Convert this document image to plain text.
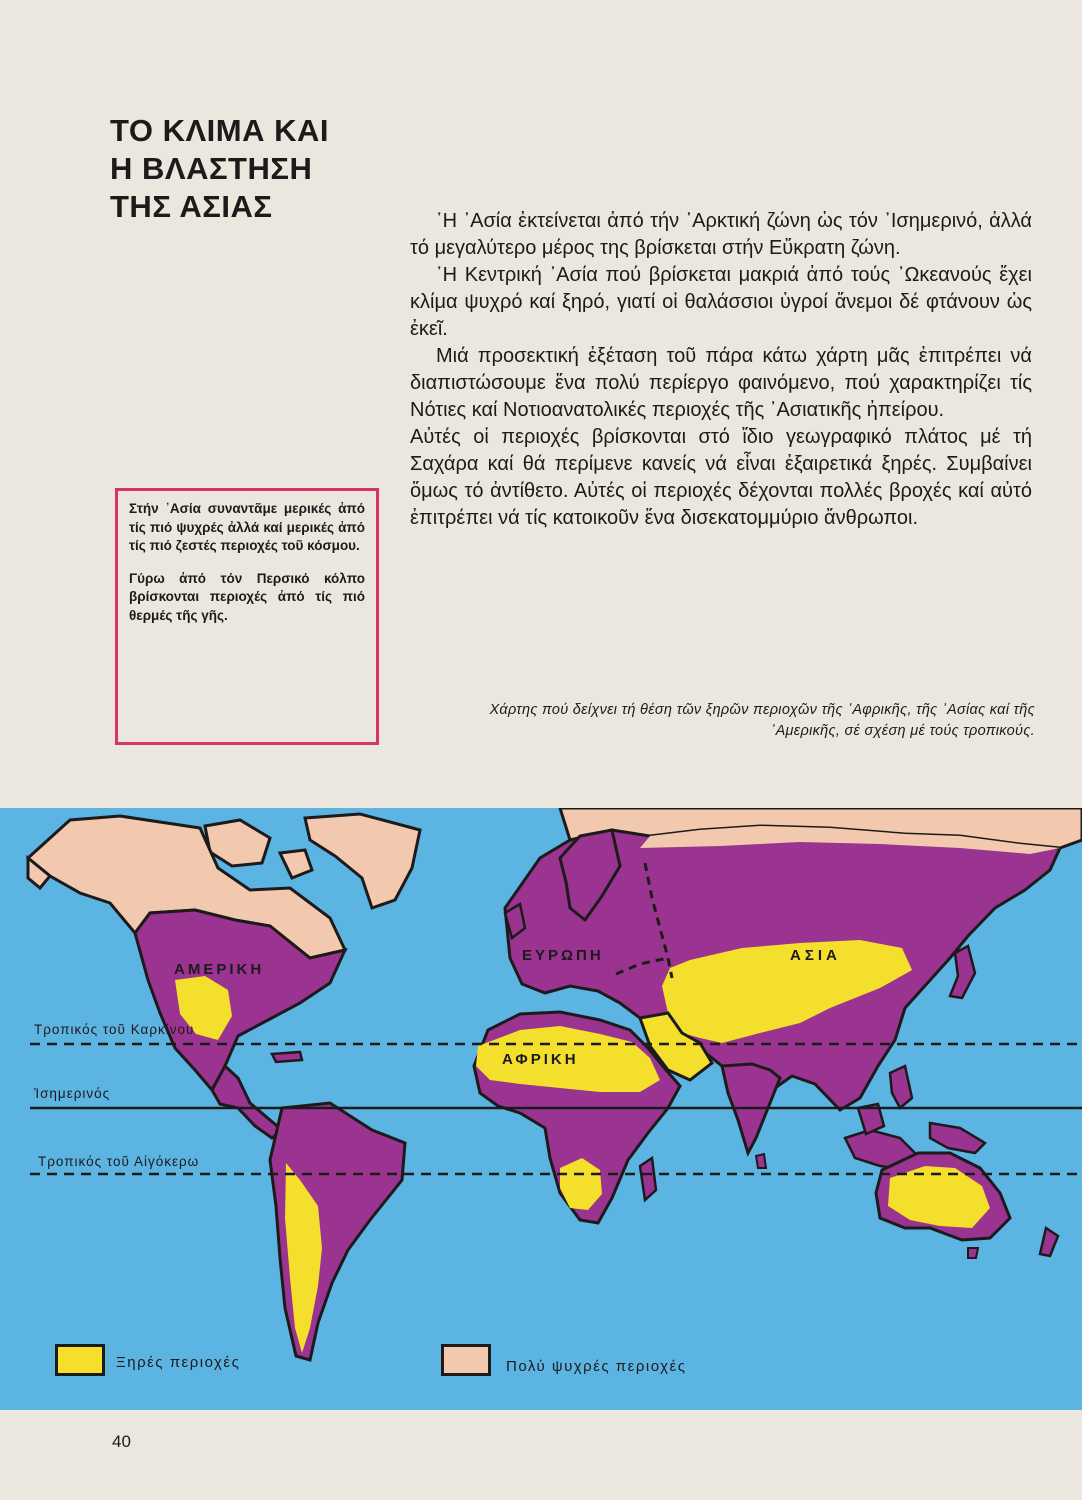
ΤΟ ΚΛΙΜΑ ΚΑΙ
Η ΒΛΑΣΤΗΣΗ
ΤΗΣ ΑΣΙΑΣ	῾Η ᾿Ασία ἐκτείνεται ἀπό τήν ᾿Αρκτική ζώνη ὡς τόν ᾿Ισημερινό, ἀλλά τό μεγαλύτερο μέρος της βρίσκεται στήν Εὔκρατη ζώνη.

῾Η Κεντρική ᾿Ασία πού βρίσκεται μακριά ἀπό τούς ᾿Ωκεανούς ἔχει κλίμα ψυχρό καί ξηρό, γιατί οἱ θαλάσσιοι ὑγροί ἄνεμοι δέ φτάνουν ὡς ἐκεῖ.

Μιά προσεκτική ἐξέταση τοῦ πάρα κάτω χάρτη μᾶς ἐπιτρέπει νά διαπιστώσουμε ἕνα πολύ περίεργο φαινόμενο, πού χαρακτηρίζει τίς Νότιες καί Νοτιοανατολικές περιοχές τῆς ᾿Ασιατικῆς ἠπείρου.

Αὐτές οἱ περιοχές βρίσκονται στό ἴδιο γεωγραφικό πλάτος μέ τή Σαχάρα καί θά περίμενε κανείς νά εἶναι ἐξαιρετικά ξηρές. Συμβαίνει ὅμως τό ἀντίθετο. Αὐτές οἱ περιοχές δέχονται πολλές βροχές καί αὐτό ἐπιτρέπει νά τίς κατοικοῦν ἕνα δισεκατομμύριο ἄνθρωποι.

Στήν ᾿Ασία συναντᾶμε μερικές ἀπό τίς πιό ψυχρές ἀλλά καί μερικές ἀπό τίς πιό ζεστές περιοχές τοῦ κόσμου.

Γύρω ἀπό τόν Περσικό κόλπο βρίσκονται περιοχές ἀπό τίς πιό θερμές τῆς γῆς.

Χάρτης πού δείχνει τή θέση τῶν ξηρῶν περιοχῶν τῆς ᾿Αφρικῆς, τῆς ᾿Ασίας καί τῆς ᾿Αμερικῆς, σέ σχέση μέ τούς τροπικούς.
ΑΜΕΡΙΚΗ
ΕΥΡΩΠΗ	ΑΣΙΑ
ΑΦΡΙΚΗ
Τροπικός τοῦ Καρκίνου
Ἰσημερινός
Τροπικός τοῦ Αἰγόκερω
Ξηρές περιοχές	Πολύ ψυχρές περιοχές
40
